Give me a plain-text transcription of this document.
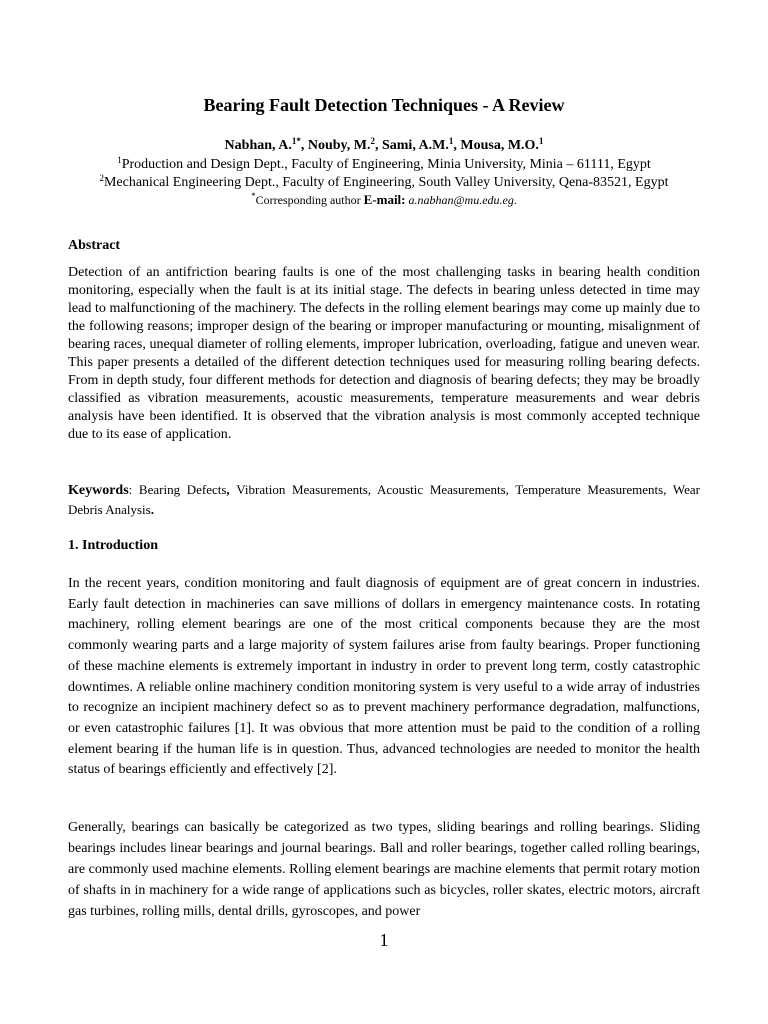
Bearing Fault Detection Techniques - A Review
Nabhan, A.$^{1*}$, Nouby, M.$^2$, Sami, A.M.$^1$, Mousa, M.O.$^1$
$^1$Production and Design Dept., Faculty of Engineering, Minia University, Minia – 61111, Egypt
$^2$Mechanical Engineering Dept., Faculty of Engineering, South Valley University, Qena-83521, Egypt
*Corresponding author E-mail: a.nabhan@mu.edu.eg.
Abstract
Detection of an antifriction bearing faults is one of the most challenging tasks in bearing health condition monitoring, especially when the fault is at its initial stage. The defects in bearing unless detected in time may lead to malfunctioning of the machinery. The defects in the rolling element bearings may come up mainly due to the following reasons; improper design of the bearing or improper manufacturing or mounting, misalignment of bearing races, unequal diameter of rolling elements, improper lubrication, overloading, fatigue and uneven wear. This paper presents a detailed of the different detection techniques used for measuring rolling bearing defects. From in depth study, four different methods for detection and diagnosis of bearing defects; they may be broadly classified as vibration measurements, acoustic measurements, temperature measurements and wear debris analysis have been identified. It is observed that the vibration analysis is most commonly accepted technique due to its ease of application.
Keywords: Bearing Defects, Vibration Measurements, Acoustic Measurements, Temperature Measurements, Wear Debris Analysis.
1. Introduction
In the recent years, condition monitoring and fault diagnosis of equipment are of great concern in industries. Early fault detection in machineries can save millions of dollars in emergency maintenance costs. In rotating machinery, rolling element bearings are one of the most critical components because they are the most commonly wearing parts and a large majority of system failures arise from faulty bearings. Proper functioning of these machine elements is extremely important in industry in order to prevent long term, costly catastrophic downtimes. A reliable online machinery condition monitoring system is very useful to a wide array of industries to recognize an incipient machinery defect so as to prevent machinery performance degradation, malfunctions, or even catastrophic failures [1]. It was obvious that more attention must be paid to the condition of a rolling element bearing if the human life is in question. Thus, advanced technologies are needed to monitor the health status of bearings efficiently and effectively [2].
Generally, bearings can basically be categorized as two types, sliding bearings and rolling bearings. Sliding bearings includes linear bearings and journal bearings. Ball and roller bearings, together called rolling bearings, are commonly used machine elements. Rolling element bearings are machine elements that permit rotary motion of shafts in in machinery for a wide range of applications such as bicycles, roller skates, electric motors, aircraft gas turbines, rolling mills, dental drills, gyroscopes, and power
1
